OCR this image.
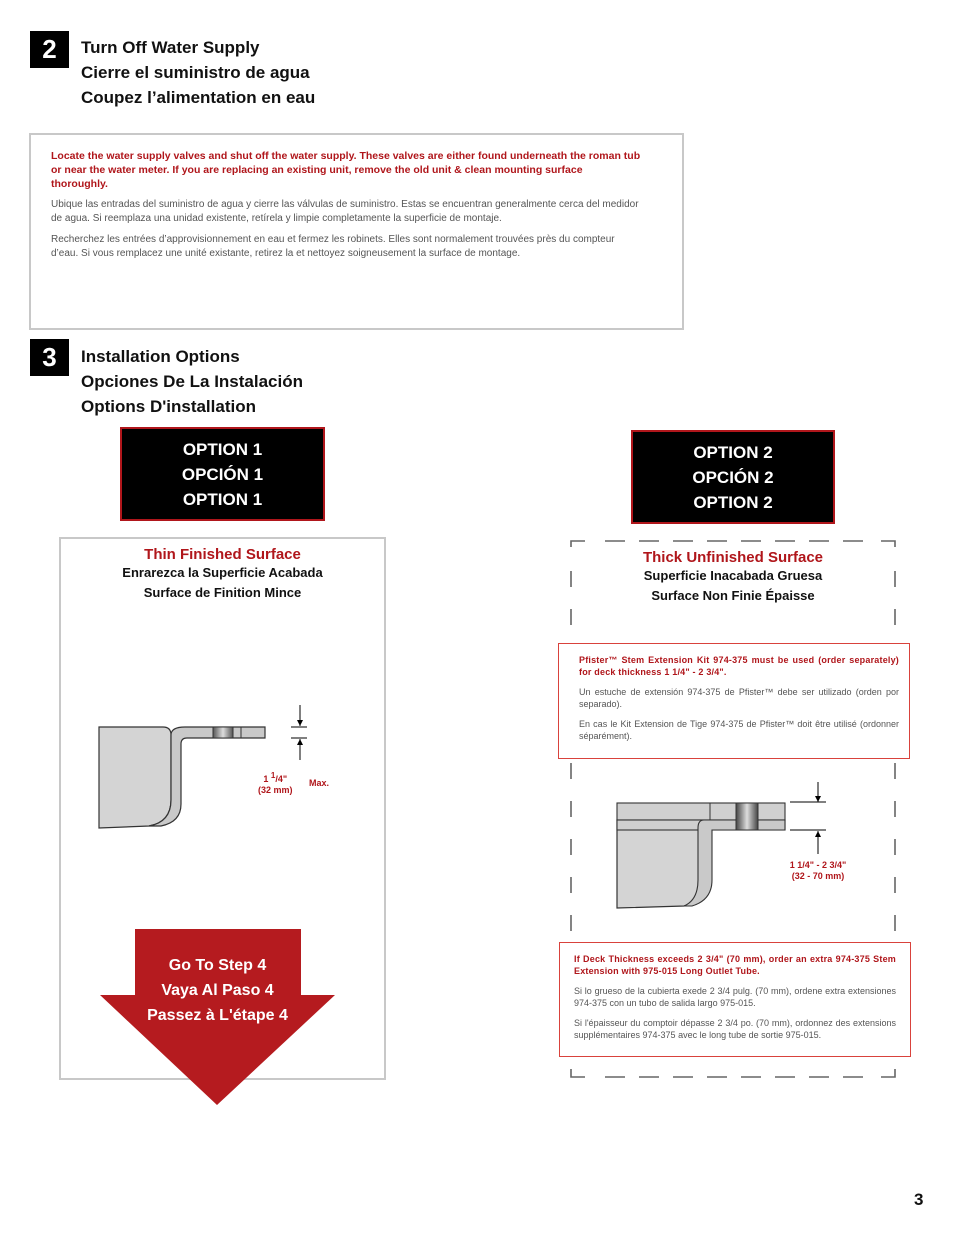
2	Turn Off Water Supply
Cierre el suministro de agua
Coupez l’alimentation en eau
Locate the water supply valves and shut off the water supply. These valves are either found underneath the roman tub or near the water meter. If you are replacing an existing unit, remove the old unit & clean mounting surface thoroughly.
Ubique las entradas del suministro de agua y cierre las válvulas de suministro. Estas se encuentran generalmente cerca del medidor de agua. Si reemplaza una unidad existente, retírela y limpie completamente la superficie de montaje.
Recherchez les entrées d’approvisionnement en eau et fermez les robinets. Elles sont normalement trouvées près du compteur d’eau. Si vous remplacez une unité existante, retirez la et nettoyez soigneusement la surface de montage.
3	Installation Options
Opciones De La Instalación
Options D'installation
OPTION 1
OPCIÓN 1
OPTION 1
OPTION 2
OPCIÓN 2
OPTION 2
Thin Finished Surface
Enrarezca la Superficie Acabada
Surface de Finition Mince
1 $^1$/4"
(32 mm)
Max.
Go To Step 4
Vaya Al Paso 4
Passez à L'étape 4
Thick Unfinished Surface
Superficie Inacabada Gruesa
Surface Non Finie Épaisse
Pfister™ Stem Extension Kit 974-375 must be used (order separately) for deck thickness 1 1/4" - 2 3/4".
Un estuche de extensión 974-375 de Pfister™ debe ser utilizado (orden por separado).
En cas le Kit Extension de Tige 974-375 de Pfister™ doit être utilisé (ordonner séparément).
1 1/4" - 2 3/4"
(32 - 70 mm)
If Deck Thickness exceeds 2 3/4" (70 mm), order an extra 974-375 Stem Extension with 975-015 Long Outlet Tube.
Si lo grueso de la cubierta exede 2 3/4 pulg. (70 mm), ordene extra extensiones 974-375 con un tubo de salida largo 975-015.
Si l'épaisseur du comptoir dépasse 2 3/4 po. (70 mm), ordonnez des extensions supplémentaires 974-375 avec le long tube de sortie 975-015.
3
